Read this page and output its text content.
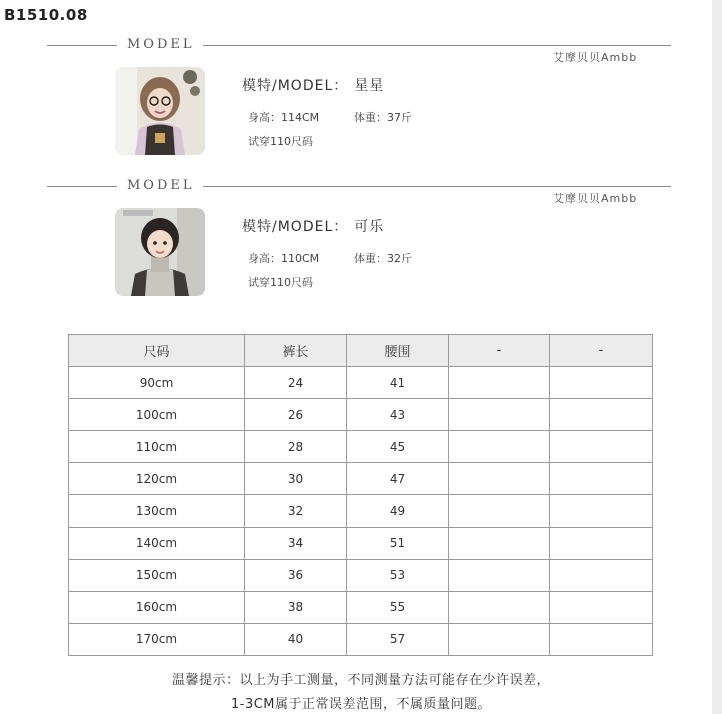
B1510.08
MODEL
艾摩贝贝Ambb
模特/MODEL： 星星
身高：114CM	体重：37斤
试穿110尺码
MODEL
艾摩贝贝Ambb
模特/MODEL： 可乐
身高：110CM	体重：32斤
试穿110尺码
尺码	裤长	腰围	-	-
90cm	24	41		
100cm	26	43		
110cm	28	45		
120cm	30	47		
130cm	32	49		
140cm	34	51		
150cm	36	53		
160cm	38	55		
170cm	40	57		
温馨提示：以上为手工测量，不同测量方法可能存在少许误差，
1-3CM属于正常误差范围，不属质量问题。
